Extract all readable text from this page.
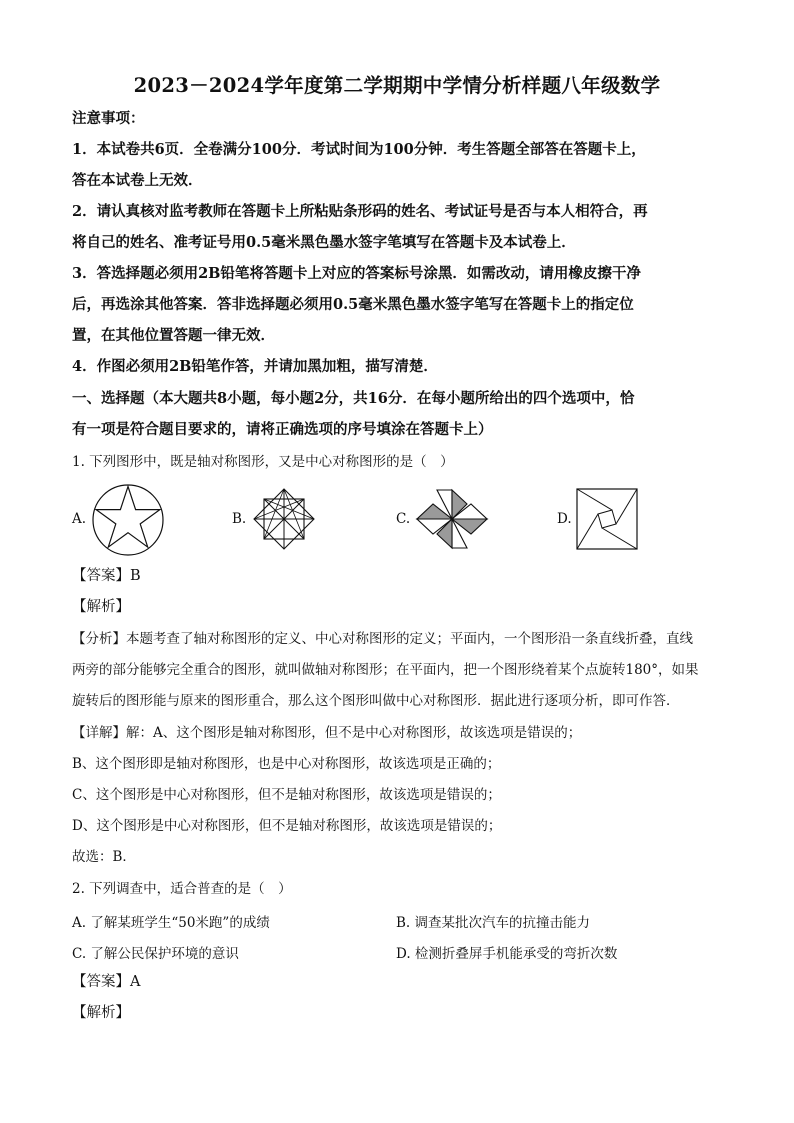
2023－2024学年度第二学期期中学情分析样题八年级数学
注意事项：
1．本试卷共6页．全卷满分100分．考试时间为100分钟．考生答题全部答在答题卡上，
答在本试卷上无效．
2．请认真核对监考教师在答题卡上所粘贴条形码的姓名、考试证号是否与本人相符合，再
将自己的姓名、准考证号用0.5毫米黑色墨水签字笔填写在答题卡及本试卷上．
3．答选择题必须用2B铅笔将答题卡上对应的答案标号涂黑．如需改动，请用橡皮擦干净
后，再选涂其他答案．答非选择题必须用0.5毫米黑色墨水签字笔写在答题卡上的指定位
置，在其他位置答题一律无效．
4．作图必须用2B铅笔作答，并请加黑加粗，描写清楚．
一、选择题（本大题共8小题，每小题2分，共16分．在每小题所给出的四个选项中，恰
有一项是符合题目要求的，请将正确选项的序号填涂在答题卡上）
1. 下列图形中，既是轴对称图形，又是中心对称图形的是（　）
A.	B.	C.	D.
【答案】B
【解析】
【分析】本题考查了轴对称图形的定义、中心对称图形的定义；平面内，一个图形沿一条直线折叠，直线
两旁的部分能够完全重合的图形，就叫做轴对称图形；在平面内，把一个图形绕着某个点旋转180°，如果
旋转后的图形能与原来的图形重合，那么这个图形叫做中心对称图形．据此进行逐项分析，即可作答．
【详解】解：A、这个图形是轴对称图形，但不是中心对称图形，故该选项是错误的；
B、这个图形即是轴对称图形，也是中心对称图形，故该选项是正确的；
C、这个图形是中心对称图形，但不是轴对称图形，故该选项是错误的；
D、这个图形是中心对称图形，但不是轴对称图形，故该选项是错误的；
故选：B．
2. 下列调查中，适合普查的是（　）
A. 了解某班学生“50米跑”的成绩	B. 调查某批次汽车的抗撞击能力
C. 了解公民保护环境的意识	D. 检测折叠屏手机能承受的弯折次数
【答案】A
【解析】
